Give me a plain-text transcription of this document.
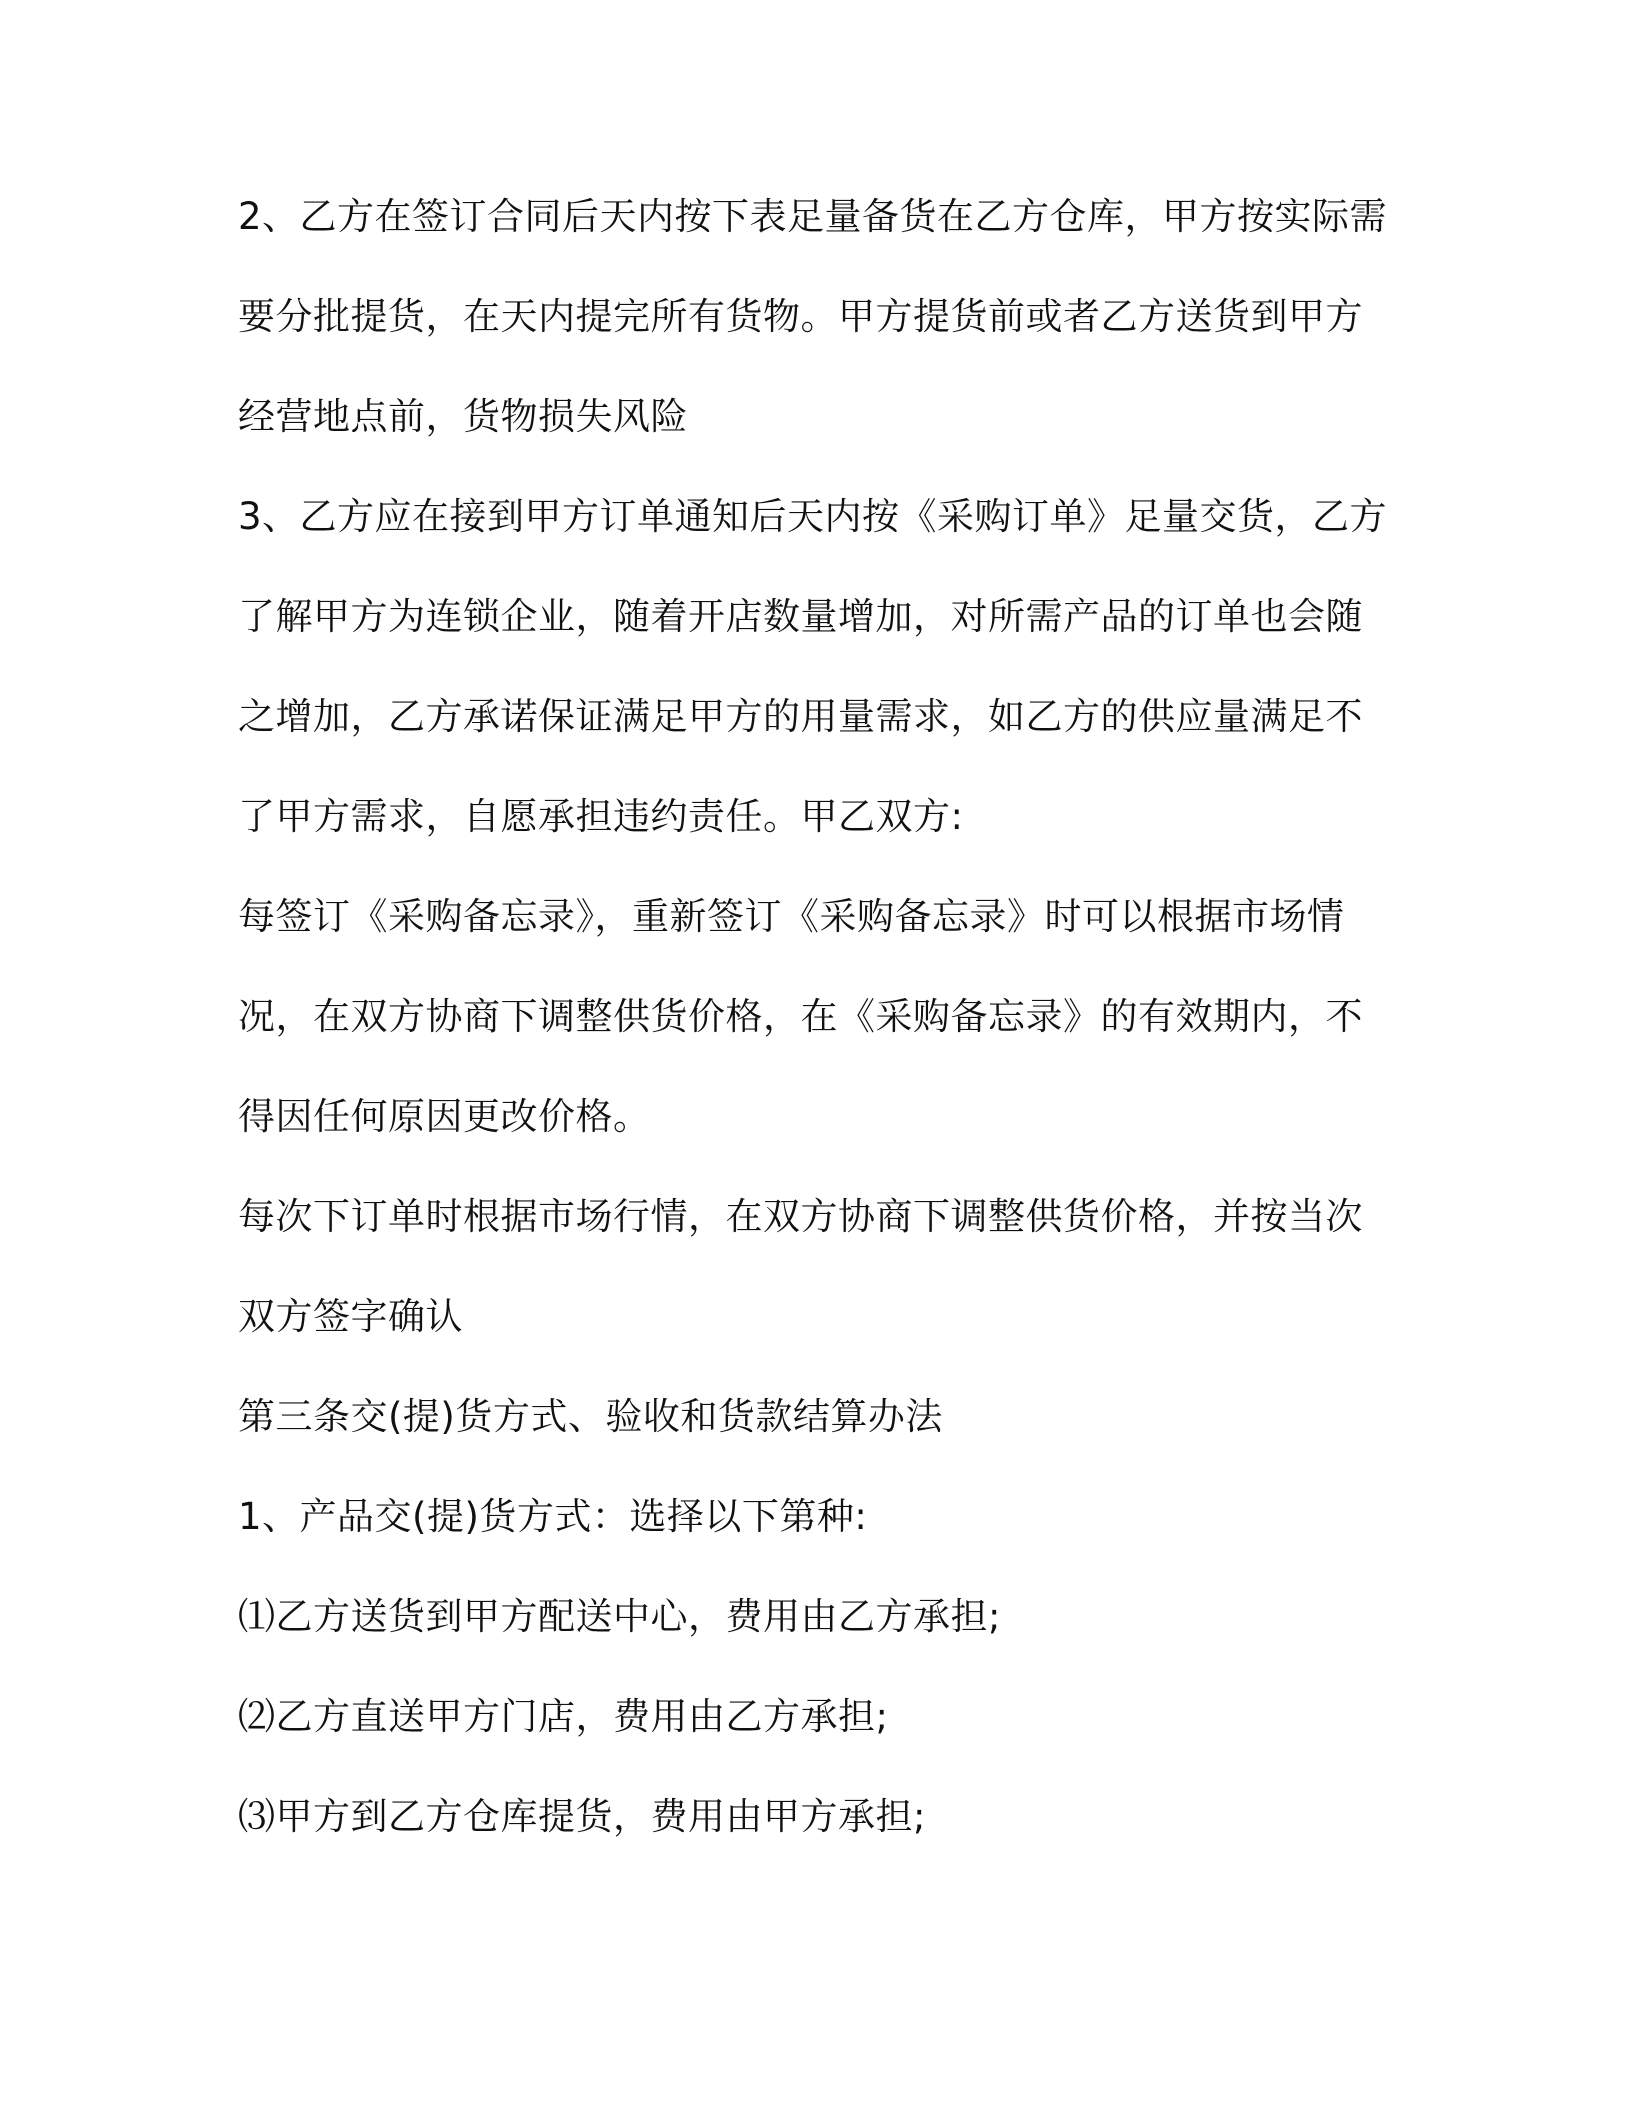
2、乙方在签订合同后天内按下表足量备货在乙方仓库，甲方按实际需
要分批提货，在天内提完所有货物。甲方提货前或者乙方送货到甲方
经营地点前，货物损失风险
3、乙方应在接到甲方订单通知后天内按《采购订单》足量交货，乙方
了解甲方为连锁企业，随着开店数量增加，对所需产品的订单也会随
之增加，乙方承诺保证满足甲方的用量需求，如乙方的供应量满足不
了甲方需求，自愿承担违约责任。甲乙双方:
每签订《采购备忘录》，重新签订《采购备忘录》时可以根据市场情
况，在双方协商下调整供货价格，在《采购备忘录》的有效期内，不
得因任何原因更改价格。
每次下订单时根据市场行情，在双方协商下调整供货价格，并按当次
双方签字确认
第三条交(提)货方式、验收和货款结算办法
1、产品交(提)货方式：选择以下第种:
⑴乙方送货到甲方配送中心，费用由乙方承担;
⑵乙方直送甲方门店，费用由乙方承担;
⑶甲方到乙方仓库提货，费用由甲方承担;
